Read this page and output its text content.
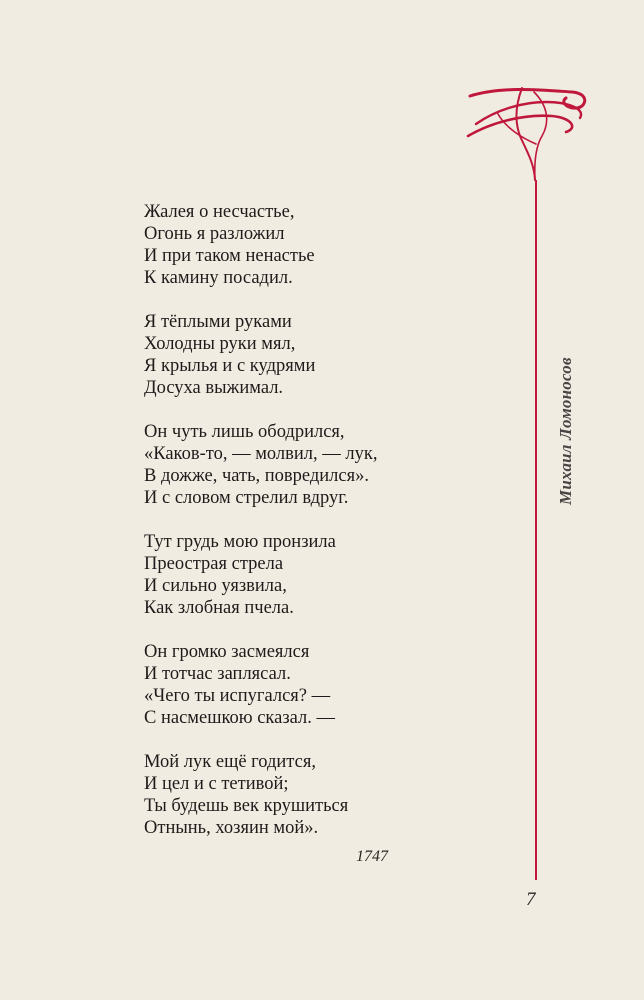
Жалея о несчастье,
Огонь я разложил
И при таком ненастье
К камину посадил.
Я тёплыми руками
Холодны руки мял,
Я крылья и с кудрями
Досуха выжимал.
Он чуть лишь ободрился,
«Каков-то, — молвил, — лук,
В дожже, чать, повредился».
И с словом стрелил вдруг.
Тут грудь мою пронзила
Преострая стрела
И сильно уязвила,
Как злобная пчела.
Он громко засмеялся
И тотчас заплясал.
«Чего ты испугался? —
С насмешкою сказал. —
Мой лук ещё годится,
И цел и с тетивой;
Ты будешь век крушиться
Отнынь, хозяин мой».
1747
Михаил Ломоносов
7
